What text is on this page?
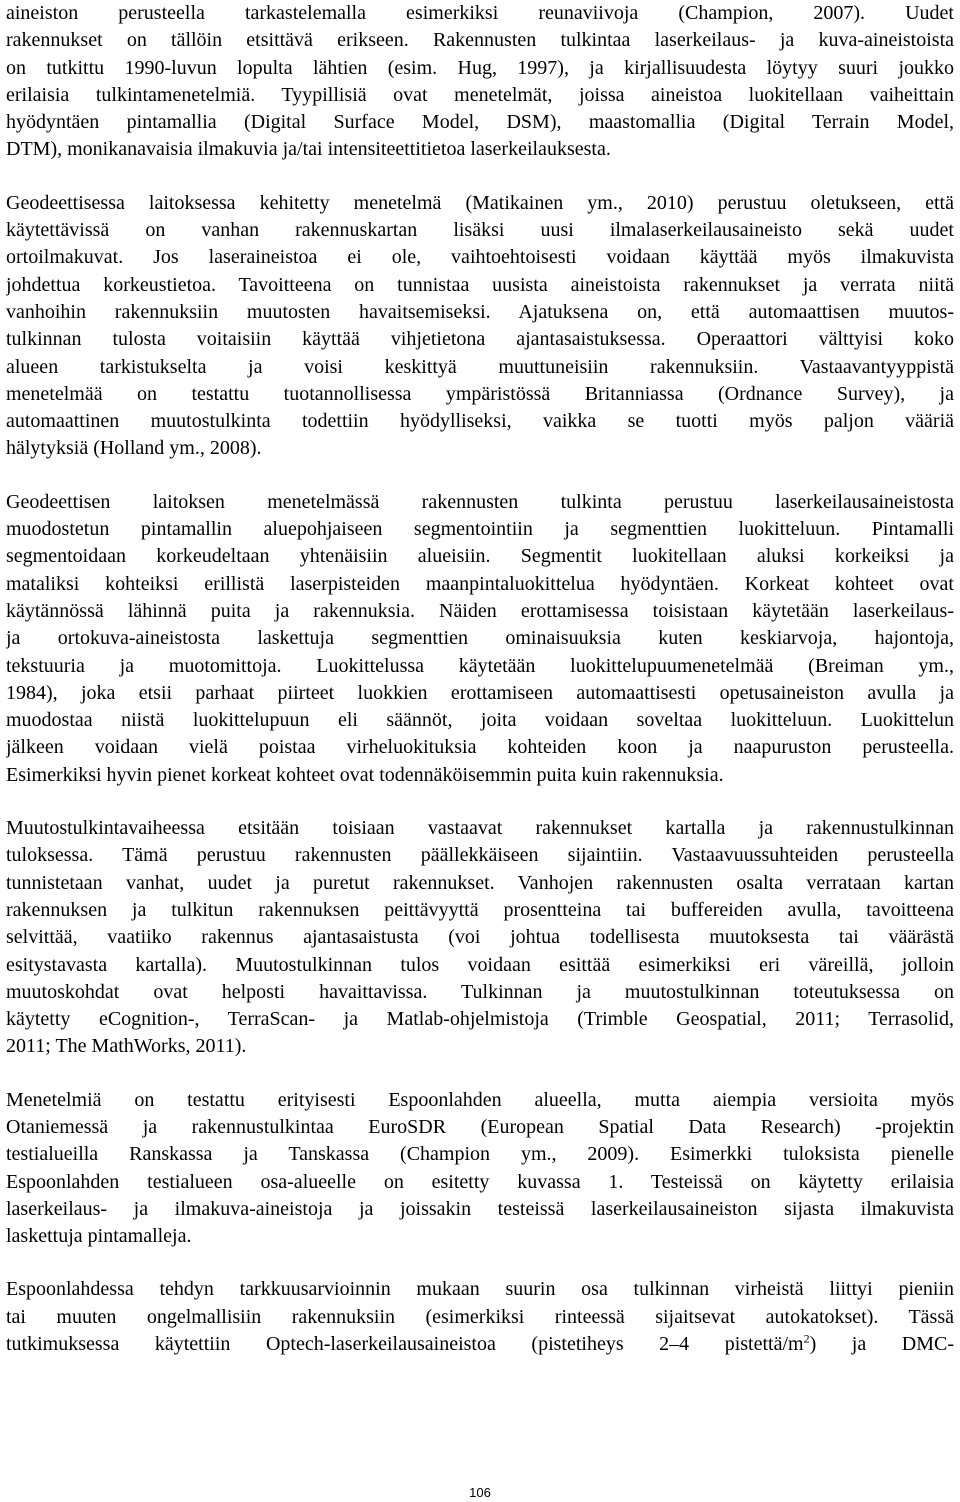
aineiston perusteella tarkastelemalla esimerkiksi reunaviivoja (Champion, 2007). Uudet
rakennukset on tällöin etsittävä erikseen. Rakennusten tulkintaa laserkeilaus- ja kuva-aineistoista
on tutkittu 1990-luvun lopulta lähtien (esim. Hug, 1997), ja kirjallisuudesta löytyy suuri joukko
erilaisia tulkintamenetelmiä. Tyypillisiä ovat menetelmät, joissa aineistoa luokitellaan vaiheittain
hyödyntäen pintamallia (Digital Surface Model, DSM), maastomallia (Digital Terrain Model,
DTM), monikanavaisia ilmakuvia ja/tai intensiteettitietoa laserkeilauksesta.
Geodeettisessa laitoksessa kehitetty menetelmä (Matikainen ym., 2010) perustuu oletukseen, että
käytettävissä on vanhan rakennuskartan lisäksi uusi ilmalaserkeilausaineisto sekä uudet
ortoilmakuvat. Jos laseraineistoa ei ole, vaihtoehtoisesti voidaan käyttää myös ilmakuvista
johdettua korkeustietoa. Tavoitteena on tunnistaa uusista aineistoista rakennukset ja verrata niitä
vanhoihin rakennuksiin muutosten havaitsemiseksi. Ajatuksena on, että automaattisen muutos-
tulkinnan tulosta voitaisiin käyttää vihjetietona ajantasaistuksessa. Operaattori välttyisi koko
alueen tarkistukselta ja voisi keskittyä muuttuneisiin rakennuksiin. Vastaavantyyppistä
menetelmää on testattu tuotannollisessa ympäristössä Britanniassa (Ordnance Survey), ja
automaattinen muutostulkinta todettiin hyödylliseksi, vaikka se tuotti myös paljon vääriä
hälytyksiä (Holland ym., 2008).
Geodeettisen laitoksen menetelmässä rakennusten tulkinta perustuu laserkeilausaineistosta
muodostetun pintamallin aluepohjaiseen segmentointiin ja segmenttien luokitteluun. Pintamalli
segmentoidaan korkeudeltaan yhtenäisiin alueisiin. Segmentit luokitellaan aluksi korkeiksi ja
mataliksi kohteiksi erillistä laserpisteiden maanpintaluokittelua hyödyntäen. Korkeat kohteet ovat
käytännössä lähinnä puita ja rakennuksia. Näiden erottamisessa toisistaan käytetään laserkeilaus-
ja ortokuva-aineistosta laskettuja segmenttien ominaisuuksia kuten keskiarvoja, hajontoja,
tekstuuria ja muotomittoja. Luokittelussa käytetään luokittelupuumenetelmää (Breiman ym.,
1984), joka etsii parhaat piirteet luokkien erottamiseen automaattisesti opetusaineiston avulla ja
muodostaa niistä luokittelupuun eli säännöt, joita voidaan soveltaa luokitteluun. Luokittelun
jälkeen voidaan vielä poistaa virheluokituksia kohteiden koon ja naapuruston perusteella.
Esimerkiksi hyvin pienet korkeat kohteet ovat todennäköisemmin puita kuin rakennuksia.
Muutostulkintavaiheessa etsitään toisiaan vastaavat rakennukset kartalla ja rakennustulkinnan
tuloksessa. Tämä perustuu rakennusten päällekkäiseen sijaintiin. Vastaavuussuhteiden perusteella
tunnistetaan vanhat, uudet ja puretut rakennukset. Vanhojen rakennusten osalta verrataan kartan
rakennuksen ja tulkitun rakennuksen peittävyyttä prosentteina tai buffereiden avulla, tavoitteena
selvittää, vaatiiko rakennus ajantasaistusta (voi johtua todellisesta muutoksesta tai väärästä
esitystavasta kartalla). Muutostulkinnan tulos voidaan esittää esimerkiksi eri väreillä, jolloin
muutoskohdat ovat helposti havaittavissa. Tulkinnan ja muutostulkinnan toteutuksessa on
käytetty eCognition-, TerraScan- ja Matlab-ohjelmistoja (Trimble Geospatial, 2011; Terrasolid,
2011; The MathWorks, 2011).
Menetelmiä on testattu erityisesti Espoonlahden alueella, mutta aiempia versioita myös
Otaniemessä ja rakennustulkintaa EuroSDR (European Spatial Data Research) -projektin
testialueilla Ranskassa ja Tanskassa (Champion ym., 2009). Esimerkki tuloksista pienelle
Espoonlahden testialueen osa-alueelle on esitetty kuvassa 1. Testeissä on käytetty erilaisia
laserkeilaus- ja ilmakuva-aineistoja ja joissakin testeissä laserkeilausaineiston sijasta ilmakuvista
laskettuja pintamalleja.
Espoonlahdessa tehdyn tarkkuusarvioinnin mukaan suurin osa tulkinnan virheistä liittyi pieniin
tai muuten ongelmallisiin rakennuksiin (esimerkiksi rinteessä sijaitsevat autokatokset). Tässä
tutkimuksessa käytettiin Optech-laserkeilausaineistoa (pistetiheys 2–4 pistettä/$m^2$) ja DMC-
106
